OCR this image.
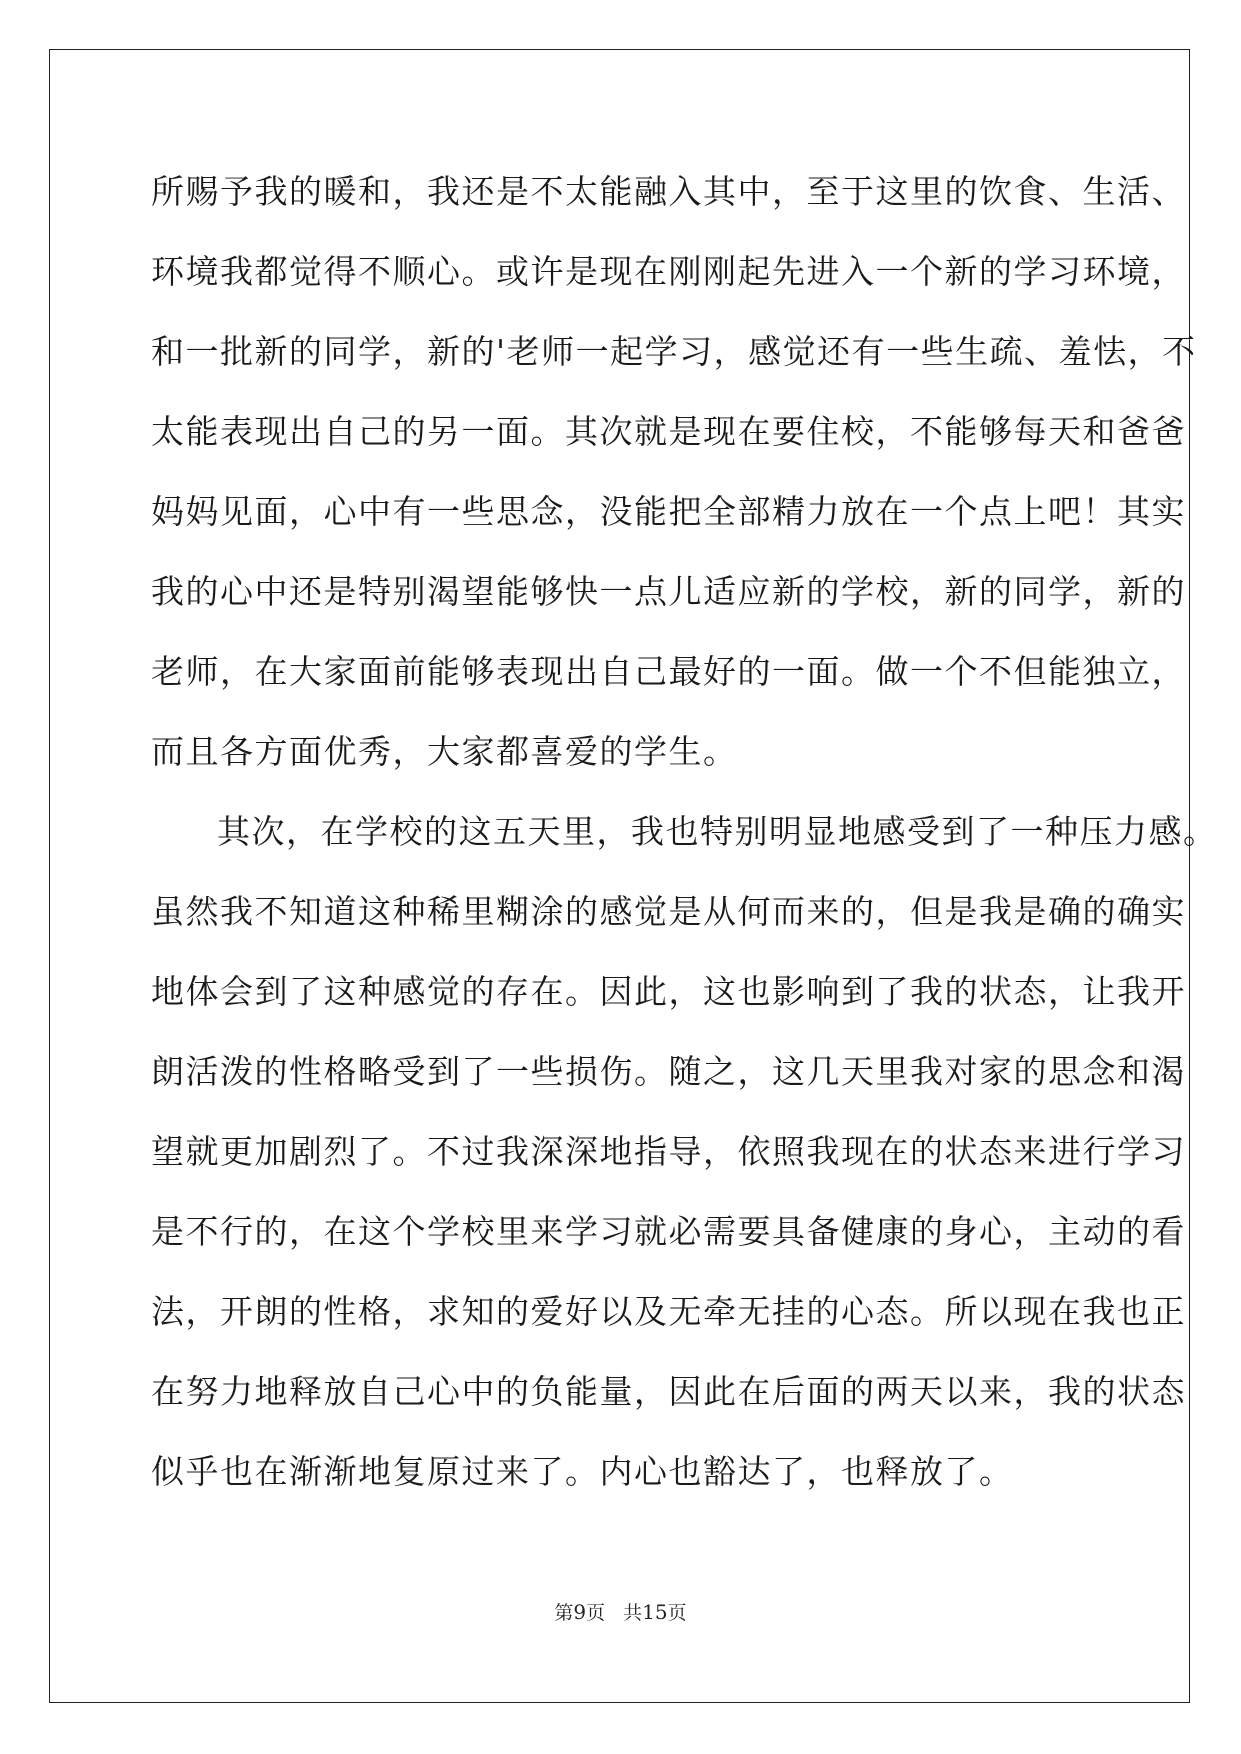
所赐予我的暖和，我还是不太能融入其中，至于这里的饮食、生活、
环境我都觉得不顺心。或许是现在刚刚起先进入一个新的学习环境，
和一批新的同学，新的'老师一起学习，感觉还有一些生疏、羞怯，不
太能表现出自己的另一面。其次就是现在要住校，不能够每天和爸爸
妈妈见面，心中有一些思念，没能把全部精力放在一个点上吧！其实
我的心中还是特别渴望能够快一点儿适应新的学校，新的同学，新的
老师，在大家面前能够表现出自己最好的一面。做一个不但能独立，
而且各方面优秀，大家都喜爱的学生。
其次，在学校的这五天里，我也特别明显地感受到了一种压力感。
虽然我不知道这种稀里糊涂的感觉是从何而来的，但是我是确的确实
地体会到了这种感觉的存在。因此，这也影响到了我的状态，让我开
朗活泼的性格略受到了一些损伤。随之，这几天里我对家的思念和渴
望就更加剧烈了。不过我深深地指导，依照我现在的状态来进行学习
是不行的，在这个学校里来学习就必需要具备健康的身心，主动的看
法，开朗的性格，求知的爱好以及无牵无挂的心态。所以现在我也正
在努力地释放自己心中的负能量，因此在后面的两天以来，我的状态
似乎也在渐渐地复原过来了。内心也豁达了，也释放了。
第9页 共15页
